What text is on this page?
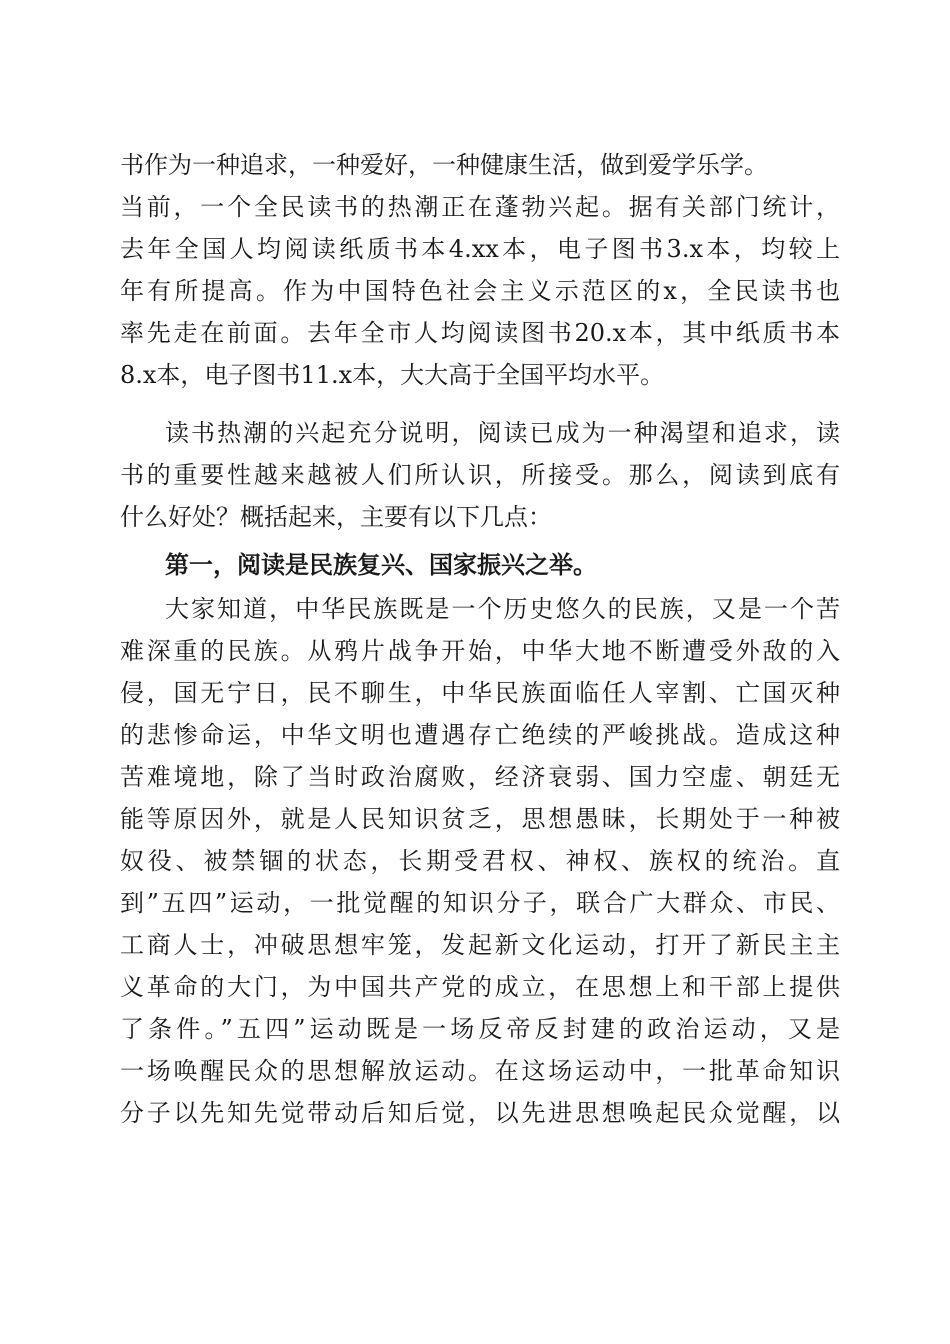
书作为一种追求，一种爱好，一种健康生活，做到爱学乐学。
当前，一个全民读书的热潮正在蓬勃兴起。据有关部门统计，
去年全国人均阅读纸质书本4.xx本，电子图书3.x本，均较上
年有所提高。作为中国特色社会主义示范区的x，全民读书也
率先走在前面。去年全市人均阅读图书20.x本，其中纸质书本
8.x本，电子图书11.x本，大大高于全国平均水平。
读书热潮的兴起充分说明，阅读已成为一种渴望和追求，读
书的重要性越来越被人们所认识，所接受。那么，阅读到底有
什么好处？概括起来，主要有以下几点：
第一，阅读是民族复兴、国家振兴之举。
大家知道，中华民族既是一个历史悠久的民族，又是一个苦
难深重的民族。从鸦片战争开始，中华大地不断遭受外敌的入
侵，国无宁日，民不聊生，中华民族面临任人宰割、亡国灭种
的悲惨命运，中华文明也遭遇存亡绝续的严峻挑战。造成这种
苦难境地，除了当时政治腐败，经济衰弱、国力空虚、朝廷无
能等原因外，就是人民知识贫乏，思想愚昧，长期处于一种被
奴役、被禁锢的状态，长期受君权、神权、族权的统治。直
到”五四”运动，一批觉醒的知识分子，联合广大群众、市民、
工商人士，冲破思想牢笼，发起新文化运动，打开了新民主主
义革命的大门，为中国共产党的成立，在思想上和干部上提供
了条件。”五四”运动既是一场反帝反封建的政治运动，又是
一场唤醒民众的思想解放运动。在这场运动中，一批革命知识
分子以先知先觉带动后知后觉，以先进思想唤起民众觉醒，以
